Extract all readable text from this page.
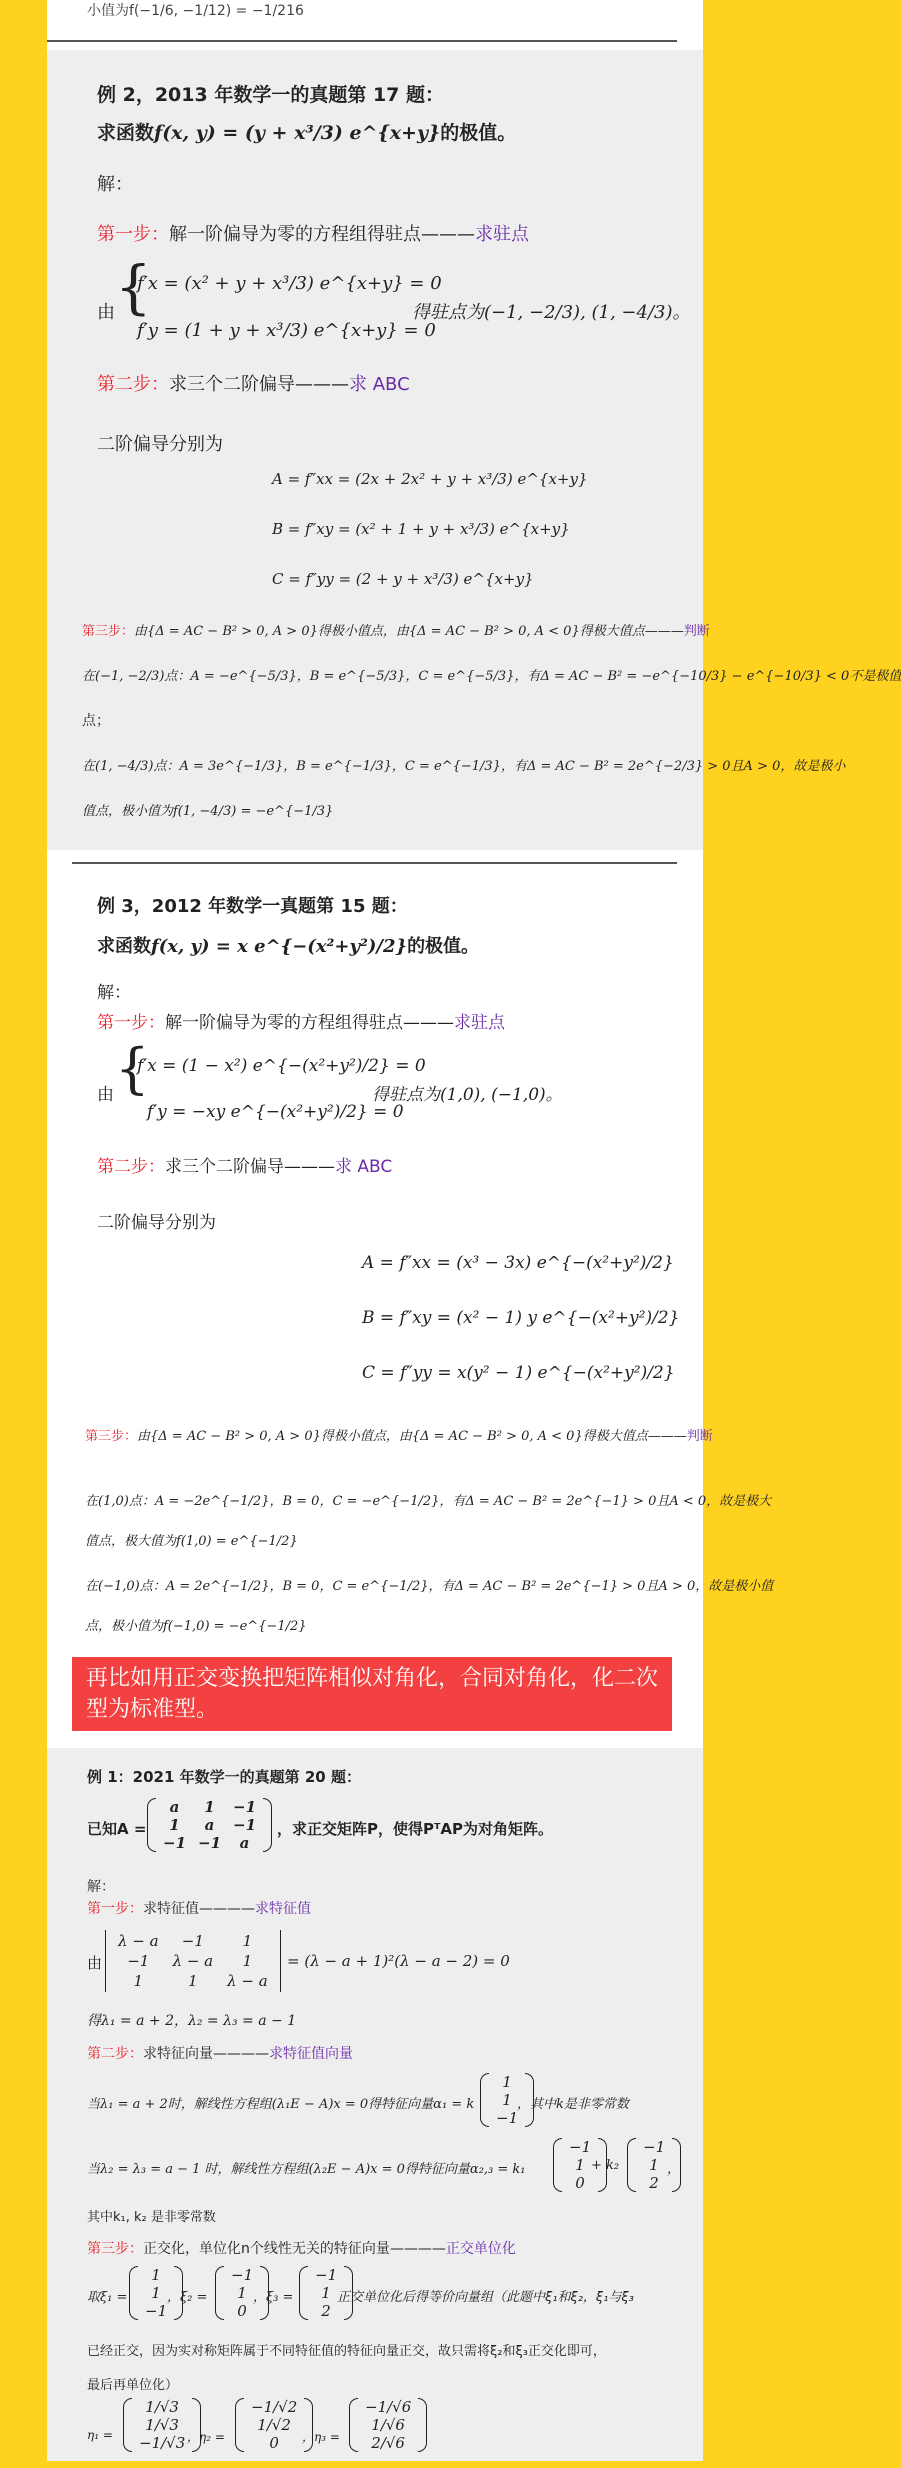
小值为f(−1/6, −1/12) = −1/216
例 2，2013 年数学一的真题第 17 题：
求函数f(x, y) = (y + x³/3) e^{x+y}的极值。
解：
第一步：解一阶偏导为零的方程组得驻点———求驻点
由 {
f′x = (x² + y + x³/3) e^{x+y} = 0
f′y = (1 + y + x³/3) e^{x+y} = 0
得驻点为(−1, −2/3), (1, −4/3)。
第二步：求三个二阶偏导———求 ABC
二阶偏导分别为
A = f″xx = (2x + 2x² + y + x³/3) e^{x+y}
B = f″xy = (x² + 1 + y + x³/3) e^{x+y}
C = f″yy = (2 + y + x³/3) e^{x+y}
第三步：由{Δ = AC − B² > 0, A > 0}得极小值点，由{Δ = AC − B² > 0, A < 0}得极大值点———判断
在(−1, −2/3)点：A = −e^{−5/3}，B = e^{−5/3}，C = e^{−5/3}，有Δ = AC − B² = −e^{−10/3} − e^{−10/3} < 0不是极值
点；
在(1, −4/3)点：A = 3e^{−1/3}，B = e^{−1/3}，C = e^{−1/3}，有Δ = AC − B² = 2e^{−2/3} > 0且A > 0，故是极小
值点，极小值为f(1, −4/3) = −e^{−1/3}
例 3，2012 年数学一真题第 15 题：
求函数f(x, y) = x e^{−(x²+y²)/2}的极值。
解：
第一步：解一阶偏导为零的方程组得驻点———求驻点
由 {
f′x = (1 − x²) e^{−(x²+y²)/2} = 0
f′y = −xy e^{−(x²+y²)/2} = 0
得驻点为(1,0), (−1,0)。
第二步：求三个二阶偏导———求 ABC
二阶偏导分别为
A = f″xx = (x³ − 3x) e^{−(x²+y²)/2}
B = f″xy = (x² − 1) y e^{−(x²+y²)/2}
C = f″yy = x(y² − 1) e^{−(x²+y²)/2}
第三步：由{Δ = AC − B² > 0, A > 0}得极小值点，由{Δ = AC − B² > 0, A < 0}得极大值点———判断
在(1,0)点：A = −2e^{−1/2}，B = 0，C = −e^{−1/2}，有Δ = AC − B² = 2e^{−1} > 0且A < 0，故是极大
值点，极大值为f(1,0) = e^{−1/2}
在(−1,0)点：A = 2e^{−1/2}，B = 0，C = e^{−1/2}，有Δ = AC − B² = 2e^{−1} > 0且A > 0，故是极小值
点，极小值为f(−1,0) = −e^{−1/2}
再比如用正交变换把矩阵相似对角化，合同对角化，化二次型为标准型。
例 1：2021 年数学一的真题第 20 题：
已知A =
a	1	−1
1	a	−1
−1	−1	a
，求正交矩阵P，使得PᵀAP为对角矩阵。
解：
第一步：求特征值————求特征值
由
λ − a	−1	1
−1	λ − a	1
1	1	λ − a
= (λ − a + 1)²(λ − a − 2) = 0
得λ₁ = a + 2，λ₂ = λ₃ = a − 1
第二步：求特征向量————求特征值向量
当λ₁ = a + 2时，解线性方程组(λ₁E − A)x = 0得特征向量α₁ = k
1
1
−1
，其中k是非零常数
当λ₂ = λ₃ = a − 1 时，解线性方程组(λ₂E − A)x = 0得特征向量α₂,₃ = k₁
−1
1
0
+ k₂
−1
1
2
，
其中k₁, k₂ 是非零常数
第三步：正交化，单位化n个线性无关的特征向量————正交单位化
取ξ₁ =
1
1
−1
，ξ₂ =
−1
1
0
，ξ₃ =
−1
1
2
正交单位化后得等价向量组（此题中ξ₁和ξ₂，ξ₁与ξ₃
已经正交，因为实对称矩阵属于不同特征值的特征向量正交，故只需将ξ₂和ξ₃正交化即可，
最后再单位化）
η₁ =
1/√3
1/√3
−1/√3 ，η₂ =
−1/√2
1/√2
0 ，η₃ =
−1/√6
1/√6
2/√6
